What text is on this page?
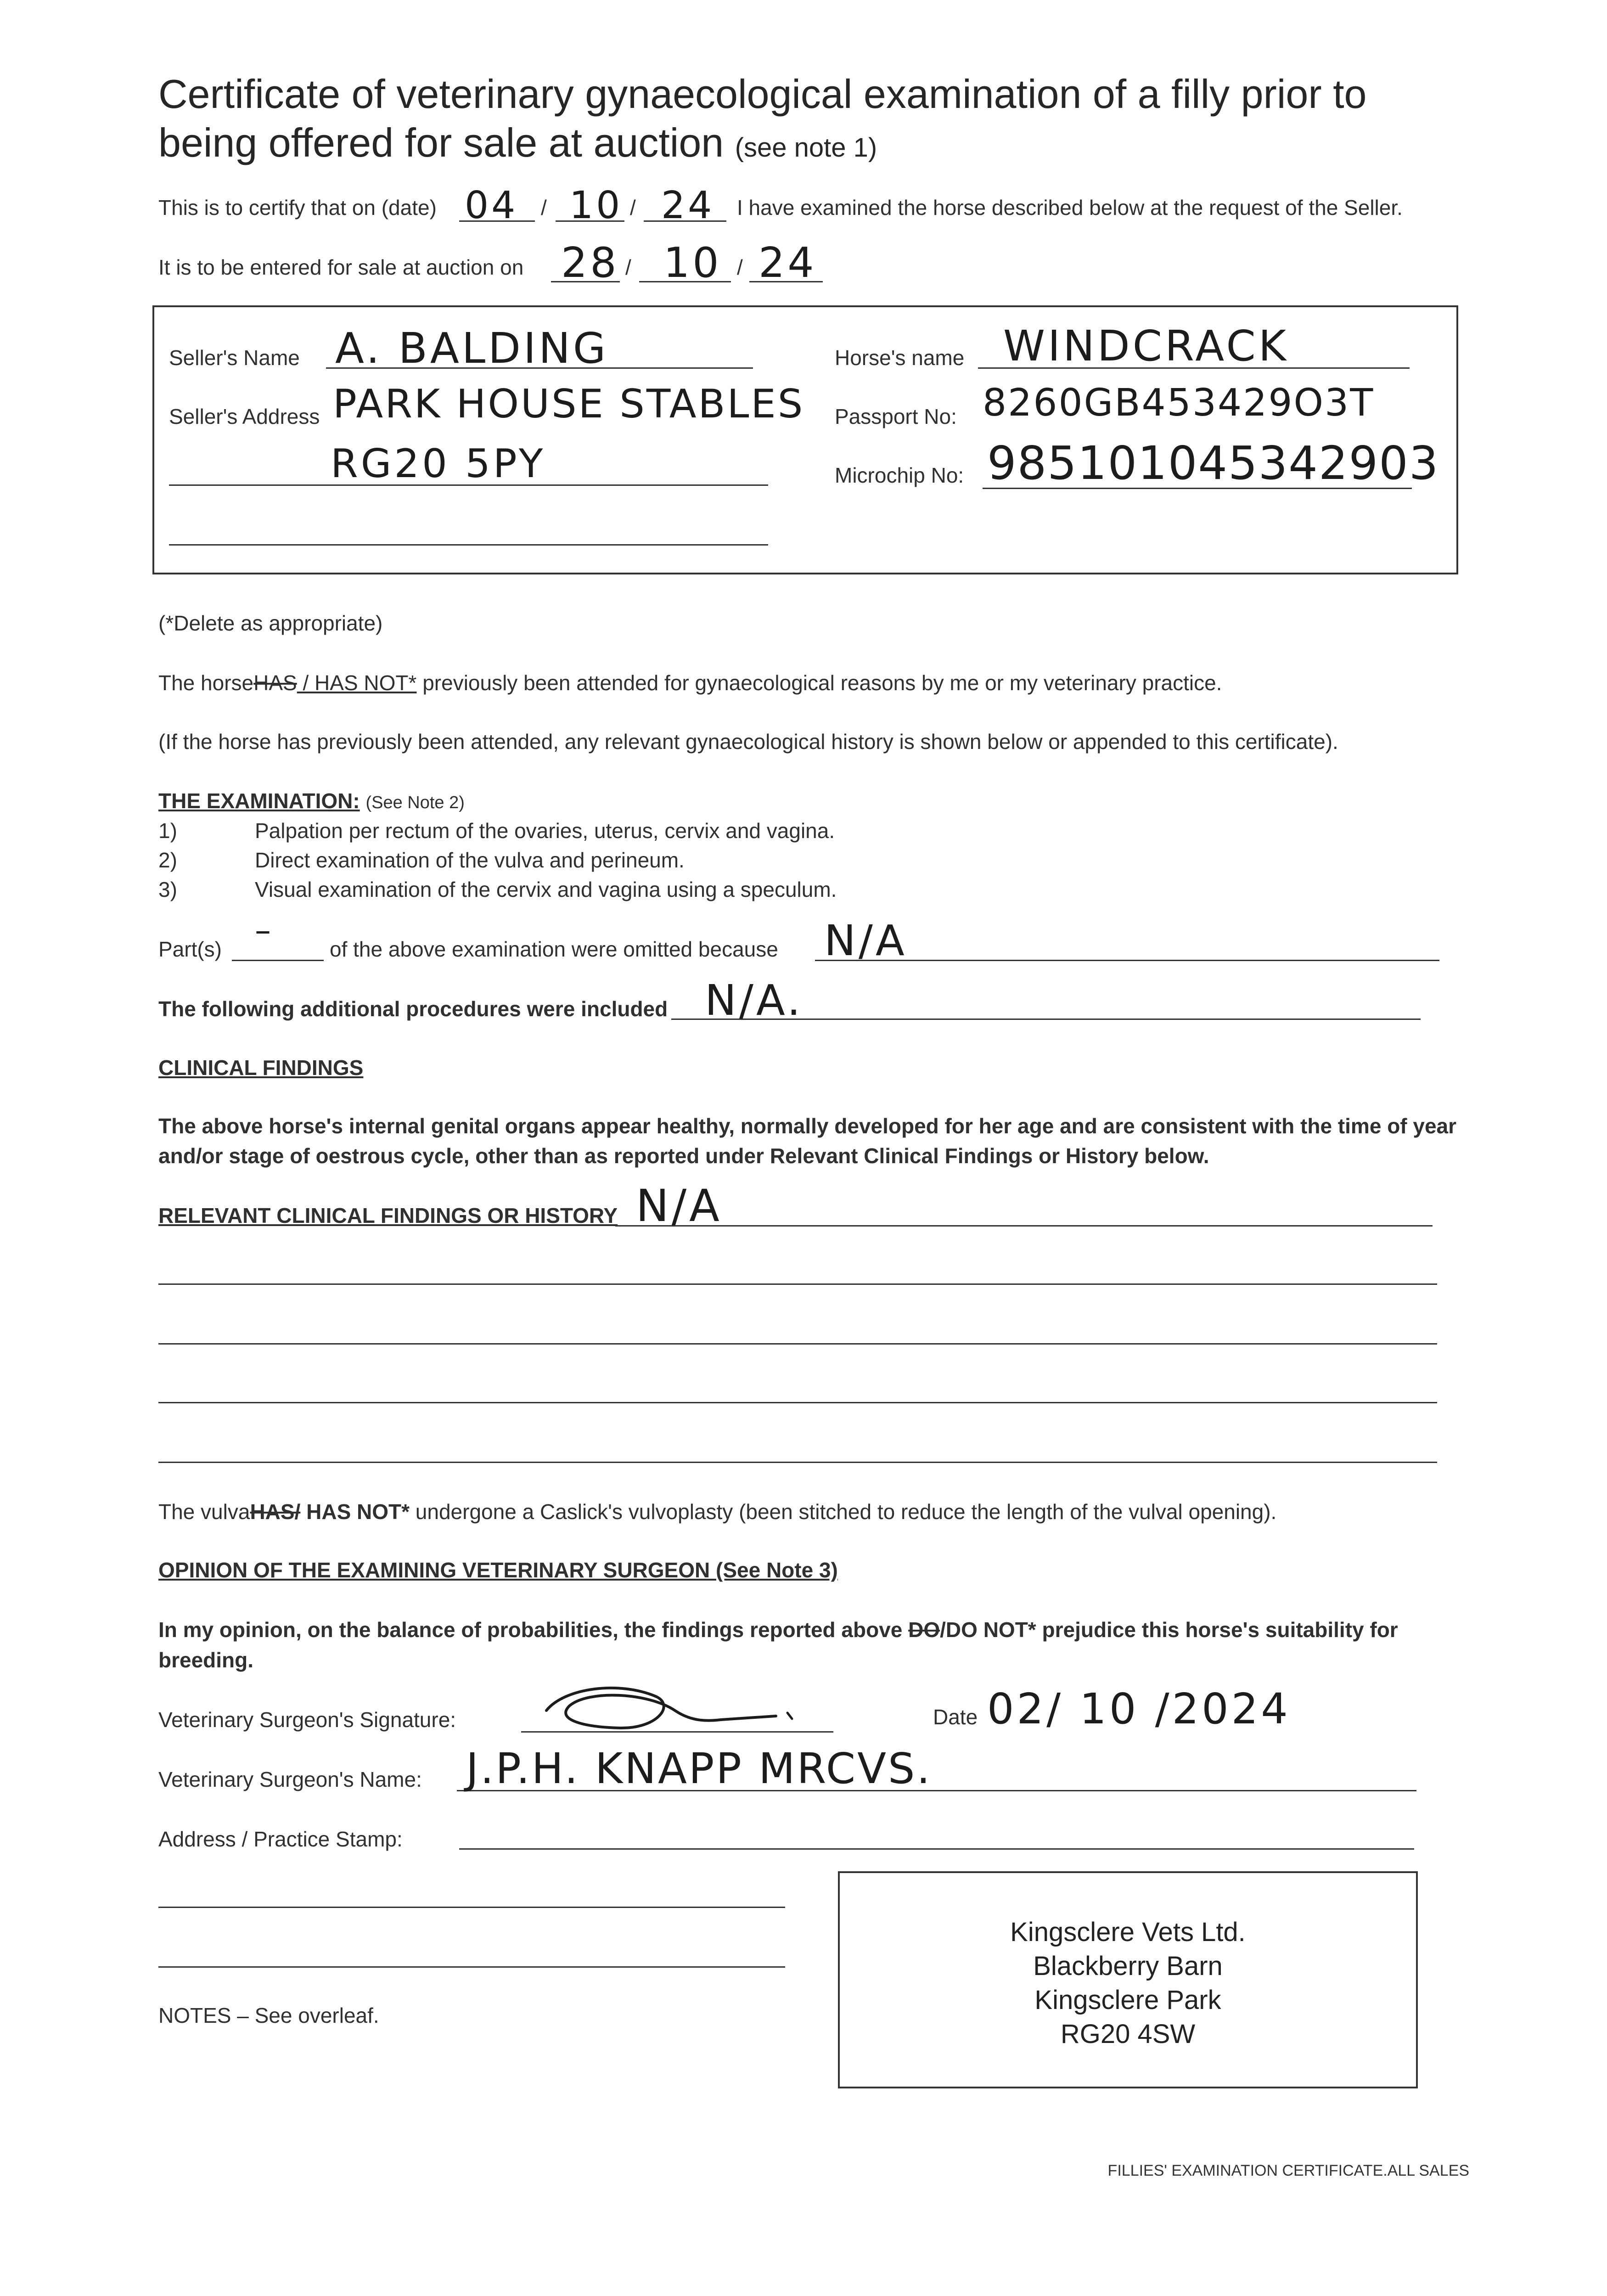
Certificate of veterinary gynaecological examination of a filly prior to
being offered for sale at auction (see note 1)
This is to certify that on (date) 04 / 10 / 24 I have examined the horse described below at the request of the Seller.
It is to be entered for sale at auction on 28 / 10 / 24
Seller's Name A. BALDING
Seller's Address PARK HOUSE STABLES
RG20 5PY
Horse's name WINDCRACK
Passport No: 8260GB453429O3T
Microchip No: 985101045342903
(*Delete as appropriate)
The horseHAS / HAS NOT* previously been attended for gynaecological reasons by me or my veterinary practice.
(If the horse has previously been attended, any relevant gynaecological history is shown below or appended to this certificate).
THE EXAMINATION: (See Note 2)
1)	Palpation per rectum of the ovaries, uterus, cervix and vagina.
2)	Direct examination of the vulva and perineum.
3)	Visual examination of the cervix and vagina using a speculum.
Part(s) –	of the above examination were omitted because N/A
The following additional procedures were included N/A.
CLINICAL FINDINGS
The above horse's internal genital organs appear healthy, normally developed for her age and are consistent with the time of year
and/or stage of oestrous cycle, other than as reported under Relevant Clinical Findings or History below.
RELEVANT CLINICAL FINDINGS OR HISTORY N/A
The vulvaHAS/ HAS NOT* undergone a Caslick's vulvoplasty (been stitched to reduce the length of the vulval opening).
OPINION OF THE EXAMINING VETERINARY SURGEON (See Note 3)
In my opinion, on the balance of probabilities, the findings reported above DO/DO NOT* prejudice this horse's suitability for
breeding.
Veterinary Surgeon's Signature:	Date 02/ 10 /2024
Veterinary Surgeon's Name: J.P.H. KNAPP MRCVS.
Address / Practice Stamp:
Kingsclere Vets Ltd.
Blackberry Barn
Kingsclere Park
RG20 4SW
NOTES – See overleaf.
FILLIES' EXAMINATION CERTIFICATE.ALL SALES
